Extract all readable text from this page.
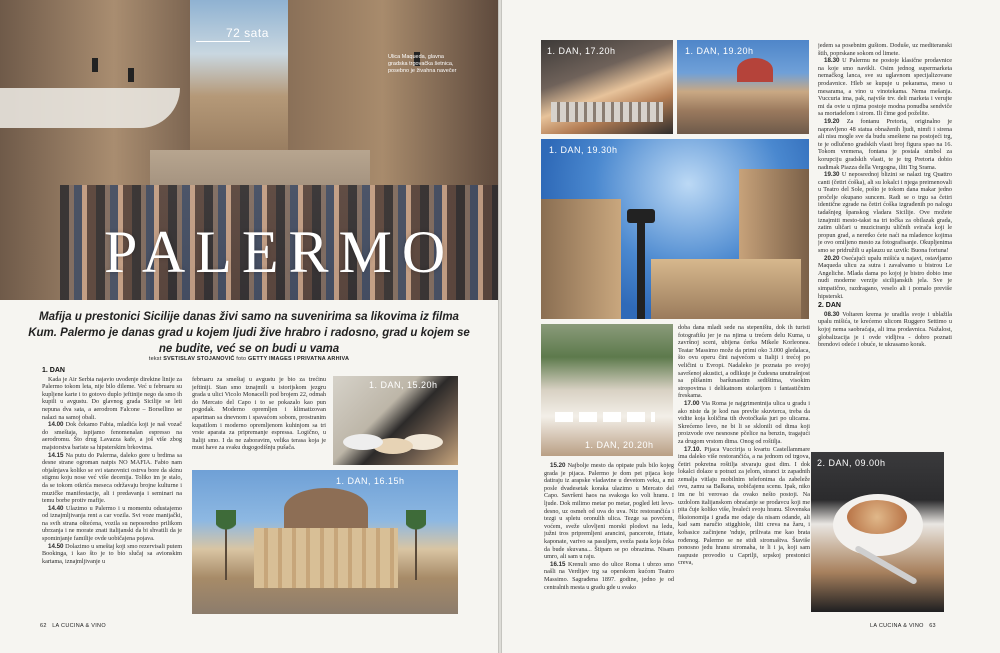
72 sata
Ulica Maqueda, glavna gradska trgovačka šetnica, posebno je živahna navečer
PALERMO
Mafija u prestonici Sicilije danas živi samo na suvenirima sa likovima iz filma Kum. Palermo je danas grad u kojem ljudi žive hrabro i radosno, grad u kojem se ne budite, već se on budi u vama
tekst SVETISLAV STOJANOVIĆ foto GETTY IMAGES I PRIVATNA ARHIVA
1. DAN

Kada je Air Serbia najavio uvođenje direktne linije za Palermo tokom leta, nije bilo dileme. Već u februaru su kupljene karte i to gotovo duplo jeftinije nego da smo ih kupili u avgustu. Do glavnog grada Sicilije se leti nepuna dva sata, a aerodrom Falcone – Borsellino se nalazi na samoj obali.

14.00 Dok čekamo Fabia, mladića koji je naš vozač do smeštaja, ispijamo fenomenalan espresso na aerodromu. Što drug Lavazza kafe, a još više zbog majstorstva bariste sa hipsterskim brkovima.

14.15 Na putu do Palerma, daleko gore u brdima sa desne strane ogroman natpis NO MAFIA. Fabio nam objašnjava koliko se svi stanovnici ostrva bore da skinu stigmu koju nose već više decenija. Toliko im je stalo, da se tokom otkrića meseca održavaju brojne kulturne i muzičke manifestacije, ali i predavanja i seminari na temu borbe protiv mafije.

14.40 Ulazimo u Palermo i u momentu odustajemo od iznajmljivanja rent a car vozila. Svi voze manijački, na svih strana oštećena, vozila su neposredno prilikom ubrzanja i ne morate znati italijanski da bi shvatili da je spominjanje familije ovde uobičajena pojava.

14.50 Dolazimo u smeštaj koji smo rezervisali putem Bookinga, i kao što je to bio slučaj sa avionskim kartama, iznajmljivanje u

februaru za smeštaj u avgustu je bio za trećinu jeftiniji. Stan smo iznajmili u istorijskom jezgru grada u ulici Vicolo Monacelli pod brojem 22, odmah do Mercato del Capo i to se pokazalo kao pun pogodak. Moderno opremljen i klimatizovan apartman sa dnevnom i spavaćom sobom, prostranim kupatilom i moderno opremljenom kuhinjom sa tri vrste aparata za pripremanje espressa. Logično, u Italiji smo. I da ne zaboravim, velika terasa koja je must have za svaku dugogodišnju pušača.

1. DAN, 15.20h
1. DAN, 16.15h
62 LA CUCINA & VINO
1. DAN, 17.20h	1. DAN, 19.20h
1. DAN, 19.30h
1. DAN, 20.20h

15.20 Najbolje mesto da opipate puls bilo kojeg grada je pijaca. Palermo je dom pet pijaca koje datiraju iz arapske vladavine u devetom veku, a mi posle dvadesetak koraka ulazimo u Mercato del Capo. Savršeni haos na svakoga ko voli hranu. I ljude. Dok milimo metar po metar, pogled leti levo-desno, uz osmeh od uva do uva. Niz restorančića i tezgi u spletu oronulih ulica. Tezge sa povrćem, voćem, sveže ulovljeni morski plodovi na ledu, južni tros pripremljeni arancini, pancerote, fritate, kaponate, varivo sa pasuljem, sveža pasta koja čeka da bude skuvana... Štipam se po obrazima. Nisam umro, ali sam u raju.

16.15 Krenuli smo do ulice Roma i ubrzo smo našli na Verdijev trg sa operskom kućom Teatro Massimo. Sagrađena 1897. godine, jedno je od centralnih mesta u gradu gde u svako

doba dana mladi sede na stepeništu, dok ih turisti fotografišu jer je na njima u trećem delu Kuma, u završnoj sceni, ubijena ćerka Mikele Korleonea. Teatar Massimo može da primi oko 3.000 gledalaca, što ovu operu čini najvećom u Italiji i trećoj po veličini u Evropi. Nadaleko je poznata po svojoj savršenoj akustici, a odlikuje je čudesna unutrašnjost sa plišanim baršunastim sedištima, visokim stropovima i delikatnom stolarijom i fantastičnim freskama.

17.00 Via Roma je najgrimentnija ulica u gradu i ako niste da je kod nas prevlie skuvterca, treba da vidite koja količina tih dvotočkaša juri po ulicama. Skrećemo levo, ne bi li se sklonili od dima koji proizvode ove nesnosne pčelice na benzin, tragajući za drugom vrstom dima. Onog od roštilja.

17.10. Pijaca Vuccirija u kvartu Castellammare ima daleko više restorančića, a na jednom od trgova, četiri pokretna roštilja stvaraju gust dim. I dok lokalci dolaze u potrazi za jelom, stranci iz zapadnih zemalja vitlaju mobilnim telefonima da zabeleže ovu, zamu sa Balkana, uobičajenu scenu. Ipak, niko im ne bi verovao da ovako nešto postoji. Na uzdolom italijanskom obraćanje se prodavcu koji me pita čuje koliko više, hvaleći svoju hranu. Slovenska fiksionomija i građa me odaje da nisam odande, ali kad sam naručio stigghiole, iliti creva na žaru, i kobasice začinjene 'nduje, prilivata me kao brata rođenog. Palermo se ne stidi siromaštva. Štaviše ponosno jedu hranu siromaha, te li i ja, koji sam raspuste provodio u Caprilji, srpskoj prestonici creva,

jedem sa posebnim guštom. Doduše, uz mediteranski štih, poprskane sokom od limete.

18.30 U Palermu ne postoje klasične prodavnice na koje smo navikli. Osim jednog supermarketa nemačkog lanca, sve su uglavnom specijalizovane prodavnice. Hleb se kupuje u pekarama, meso u mesarama, a vino u vinotekama. Nema mešanja. Vuccuria ima, pak, najviše trv. deli marketa i verujte mi da ovie u njima postoje modna ponudba sendviče sa mortadelom i sirom. Ili čime god poželite.

19.20 Za fontanu Pretoria, originalno je napravljeno 48 statua obnaženih ljudi, nimfi i sirena ali nisu mogle sve da budu smeštene na postojeći trg, te je odlučeno gradskih vlasti broj figura spao na 16. Tokom vremena, fontana je postala simbol za korupciju gradskih vlasti, te je trg Pretoria dobio nadimak Piazza della Vergogna, iliti Trg Srama.

19.30 U neposrednoj blizini se nalazi trg Quattro canti (četiri ćoška), ali su lokalci i njega preimenovali u Teatro del Sole, pošto je tokom dana makar jedno pročelje okupano suncem. Radi se o trgu sa četiri identične zgrade na četiri ćoška izgrađenih po nalogu tadašnjeg španskog vladara Sicilije. Ove možete iznajmiti mesto-takst na tri točka za obilazak grada, zatim uličari u muziciranju uličnih svirača koji le propun grad, a neretko ćete naći na mladence kojima je ovo omiljeno mesto za fotografisanje. Okupljenima smo se pridružili u aplauzu uz uzvik: Buona fortuna!

20.20 Osećajući upalu mišića u najavi, ostavljamo Maqueda ulicu za sutra i zavalvamo u bistrou Le Angeliche. Mlada dama po kojoj je bistro dobio ime nudi moderne verzije sicilijanskih jela. Sve je simpatično, razdragano, veselo ali i pomalo previše hipsterski.

2. DAN

08.30 Voltaren krema je uradila svoje i ublažila upalu mišića, te krećemo ulicom Ruggero Settimo u kojoj nema saobraćaja, ali ima prodavnica. Nažalost, globalizacija je i ovde vidljiva - dobro poznati brendovi odeće i obuće, te ukrasamo korak.

2. DAN, 09.00h
LA CUCINA & VINO 63
